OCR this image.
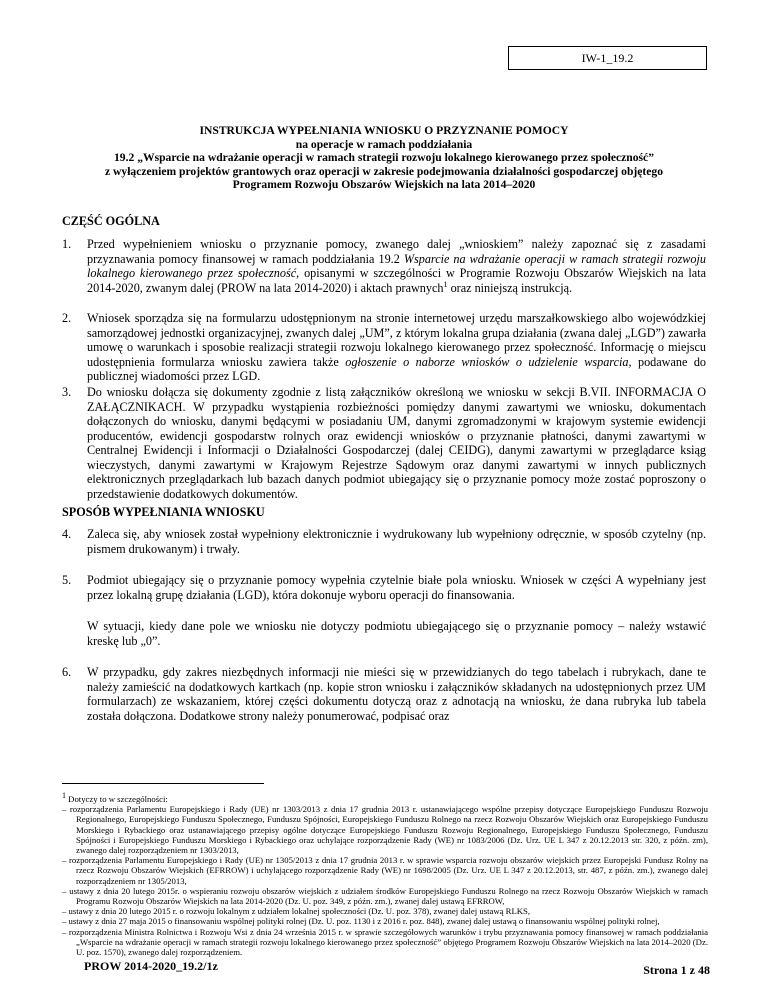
IW-1_19.2
INSTRUKCJA WYPEŁNIANIA WNIOSKU O PRZYZNANIE POMOCY
na operacje w ramach poddziałania
19.2 „Wsparcie na wdrażanie operacji w ramach strategii rozwoju lokalnego kierowanego przez społeczność”
z wyłączeniem projektów grantowych oraz operacji w zakresie podejmowania działalności gospodarczej objętego
Programem Rozwoju Obszarów Wiejskich na lata 2014–2020
CZĘŚĆ OGÓLNA
1. Przed wypełnieniem wniosku o przyznanie pomocy, zwanego dalej „wnioskiem” należy zapoznać się z zasadami przyznawania pomocy finansowej w ramach poddziałania 19.2 Wsparcie na wdrażanie operacji w ramach strategii rozwoju lokalnego kierowanego przez społeczność, opisanymi w szczególności w Programie Rozwoju Obszarów Wiejskich na lata 2014-2020, zwanym dalej (PROW na lata 2014-2020) i aktach prawnych$^1$ oraz niniejszą instrukcją.
2. Wniosek sporządza się na formularzu udostępnionym na stronie internetowej urzędu marszałkowskiego albo wojewódzkiej samorządowej jednostki organizacyjnej, zwanych dalej „UM”, z którym lokalna grupa działania (zwana dalej „LGD”) zawarła umowę o warunkach i sposobie realizacji strategii rozwoju lokalnego kierowanego przez społeczność. Informację o miejscu udostępnienia formularza wniosku zawiera także ogłoszenie o naborze wniosków o udzielenie wsparcia, podawane do publicznej wiadomości przez LGD.
3. Do wniosku dołącza się dokumenty zgodnie z listą załączników określoną we wniosku w sekcji B.VII. INFORMACJA O ZAŁĄCZNIKACH. W przypadku wystąpienia rozbieżności pomiędzy danymi zawartymi we wniosku, dokumentach dołączonych do wniosku, danymi będącymi w posiadaniu UM, danymi zgromadzonymi w krajowym systemie ewidencji producentów, ewidencji gospodarstw rolnych oraz ewidencji wniosków o przyznanie płatności, danymi zawartymi w Centralnej Ewidencji i Informacji o Działalności Gospodarczej (dalej CEIDG), danymi zawartymi w przeglądarce ksiąg wieczystych, danymi zawartymi w Krajowym Rejestrze Sądowym oraz danymi zawartymi w innych publicznych elektronicznych przeglądarkach lub bazach danych podmiot ubiegający się o przyznanie pomocy może zostać poproszony o przedstawienie dodatkowych dokumentów.
SPOSÓB WYPEŁNIANIA WNIOSKU
4. Zaleca się, aby wniosek został wypełniony elektronicznie i wydrukowany lub wypełniony odręcznie, w sposób czytelny (np. pismem drukowanym) i trwały.
5. Podmiot ubiegający się o przyznanie pomocy wypełnia czytelnie białe pola wniosku. Wniosek w części A wypełniany jest przez lokalną grupę działania (LGD), która dokonuje wyboru operacji do finansowania.
W sytuacji, kiedy dane pole we wniosku nie dotyczy podmiotu ubiegającego się o przyznanie pomocy – należy wstawić kreskę lub „0”.
6. W przypadku, gdy zakres niezbędnych informacji nie mieści się w przewidzianych do tego tabelach i rubrykach, dane te należy zamieścić na dodatkowych kartkach (np. kopie stron wniosku i załączników składanych na udostępnionych przez UM formularzach) ze wskazaniem, której części dokumentu dotyczą oraz z adnotacją na wniosku, że dana rubryka lub tabela została dołączona. Dodatkowe strony należy ponumerować, podpisać oraz
$^1$ Dotyczy to w szczególności:
– rozporządzenia Parlamentu Europejskiego i Rady (UE) nr 1303/2013 z dnia 17 grudnia 2013 r. ustanawiającego wspólne przepisy dotyczące Europejskiego Funduszu Rozwoju Regionalnego, Europejskiego Funduszu Społecznego, Funduszu Spójności, Europejskiego Funduszu Rolnego na rzecz Rozwoju Obszarów Wiejskich oraz Europejskiego Funduszu Morskiego i Rybackiego oraz ustanawiającego przepisy ogólne dotyczące Europejskiego Funduszu Rozwoju Regionalnego, Europejskiego Funduszu Społecznego, Funduszu Spójności i Europejskiego Funduszu Morskiego i Rybackiego oraz uchylające rozporządzenie Rady (WE) nr 1083/2006 (Dz. Urz. UE L 347 z 20.12.2013 str. 320, z późn. zm), zwanego dalej rozporządzeniem nr 1303/2013,
– rozporządzenia Parlamentu Europejskiego i Rady (UE) nr 1305/2013 z dnia 17 grudnia 2013 r. w sprawie wsparcia rozwoju obszarów wiejskich przez Europejski Fundusz Rolny na rzecz Rozwoju Obszarów Wiejskich (EFRROW) i uchylającego rozporządzenie Rady (WE) nr 1698/2005 (Dz. Urz. UE L 347 z 20.12.2013, str. 487, z późn. zm.), zwanego dalej rozporządzeniem nr 1305/2013,
– ustawy z dnia 20 lutego 2015r. o wspieraniu rozwoju obszarów wiejskich z udziałem środków Europejskiego Funduszu Rolnego na rzecz Rozwoju Obszarów Wiejskich w ramach Programu Rozwoju Obszarów Wiejskich na lata 2014-2020 (Dz. U. poz. 349, z późn. zm.), zwanej dalej ustawą EFRROW,
– ustawy z dnia 20 lutego 2015 r. o rozwoju lokalnym z udziałem lokalnej społeczności (Dz. U. poz. 378), zwanej dalej ustawą RLKS,
– ustawy z dnia 27 maja 2015 o finansowaniu wspólnej polityki rolnej (Dz. U. poz. 1130 i z 2016 r. poz. 848), zwanej dalej ustawą o finansowaniu wspólnej polityki rolnej,
– rozporządzenia Ministra Rolnictwa i Rozwoju Wsi z dnia 24 września 2015 r. w sprawie szczegółowych warunków i trybu przyznawania pomocy finansowej w ramach poddziałania „Wsparcie na wdrażanie operacji w ramach strategii rozwoju lokalnego kierowanego przez społeczność” objętego Programem Rozwoju Obszarów Wiejskich na lata 2014–2020 (Dz. U. poz. 1570), zwanego dalej rozporządzeniem.
PROW 2014-2020_19.2/1z	Strona 1 z 48
